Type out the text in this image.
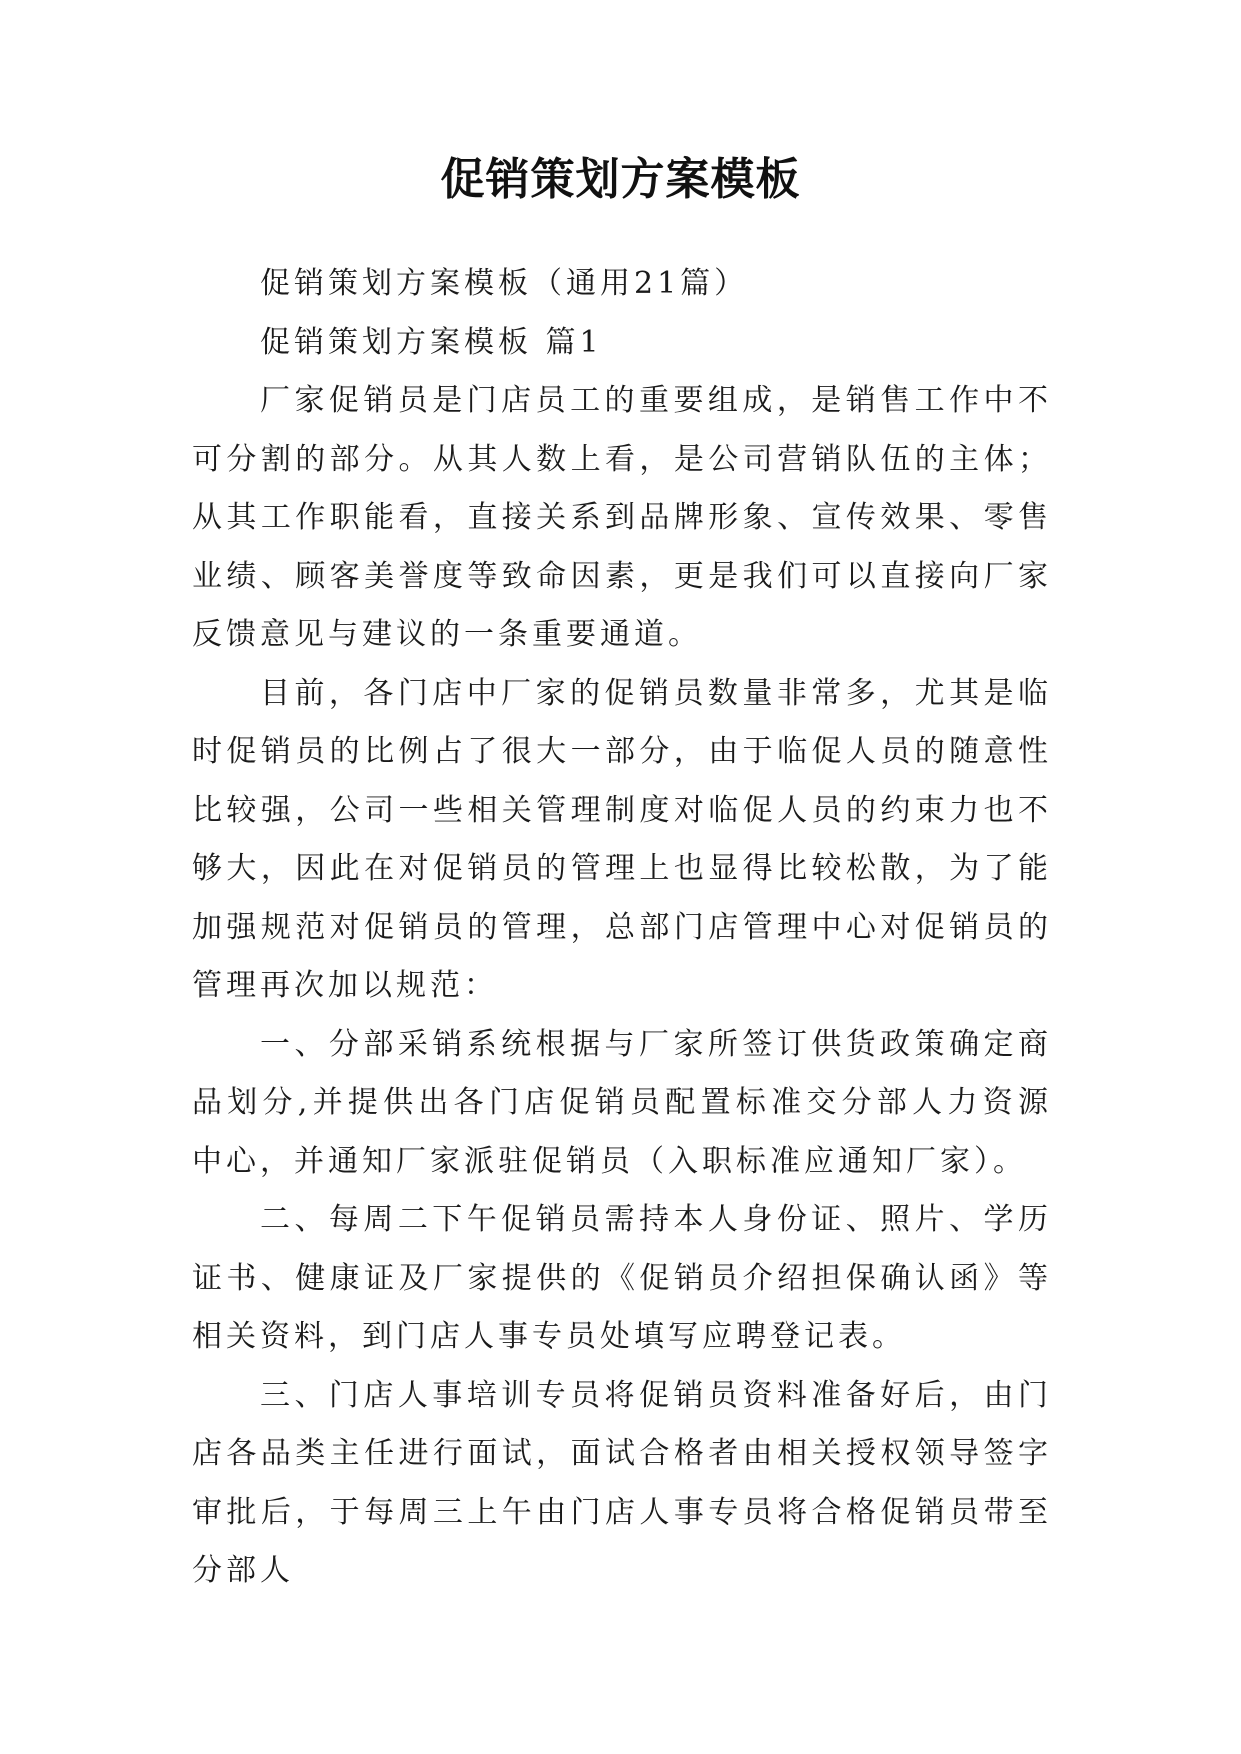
促销策划方案模板

促销策划方案模板（通用21篇）

促销策划方案模板 篇1

厂家促销员是门店员工的重要组成，是销售工作中不可分割的部分。从其人数上看，是公司营销队伍的主体；从其工作职能看，直接关系到品牌形象、宣传效果、零售业绩、顾客美誉度等致命因素，更是我们可以直接向厂家反馈意见与建议的一条重要通道。

目前，各门店中厂家的促销员数量非常多，尤其是临时促销员的比例占了很大一部分，由于临促人员的随意性比较强，公司一些相关管理制度对临促人员的约束力也不够大，因此在对促销员的管理上也显得比较松散，为了能加强规范对促销员的管理，总部门店管理中心对促销员的管理再次加以规范：

一、分部采销系统根据与厂家所签订供货政策确定商品划分,并提供出各门店促销员配置标准交分部人力资源中心，并通知厂家派驻促销员（入职标准应通知厂家）。

二、每周二下午促销员需持本人身份证、照片、学历证书、健康证及厂家提供的《促销员介绍担保确认函》等相关资料，到门店人事专员处填写应聘登记表。

三、门店人事培训专员将促销员资料准备好后，由门店各品类主任进行面试，面试合格者由相关授权领导签字审批后，于每周三上午由门店人事专员将合格促销员带至分部人
